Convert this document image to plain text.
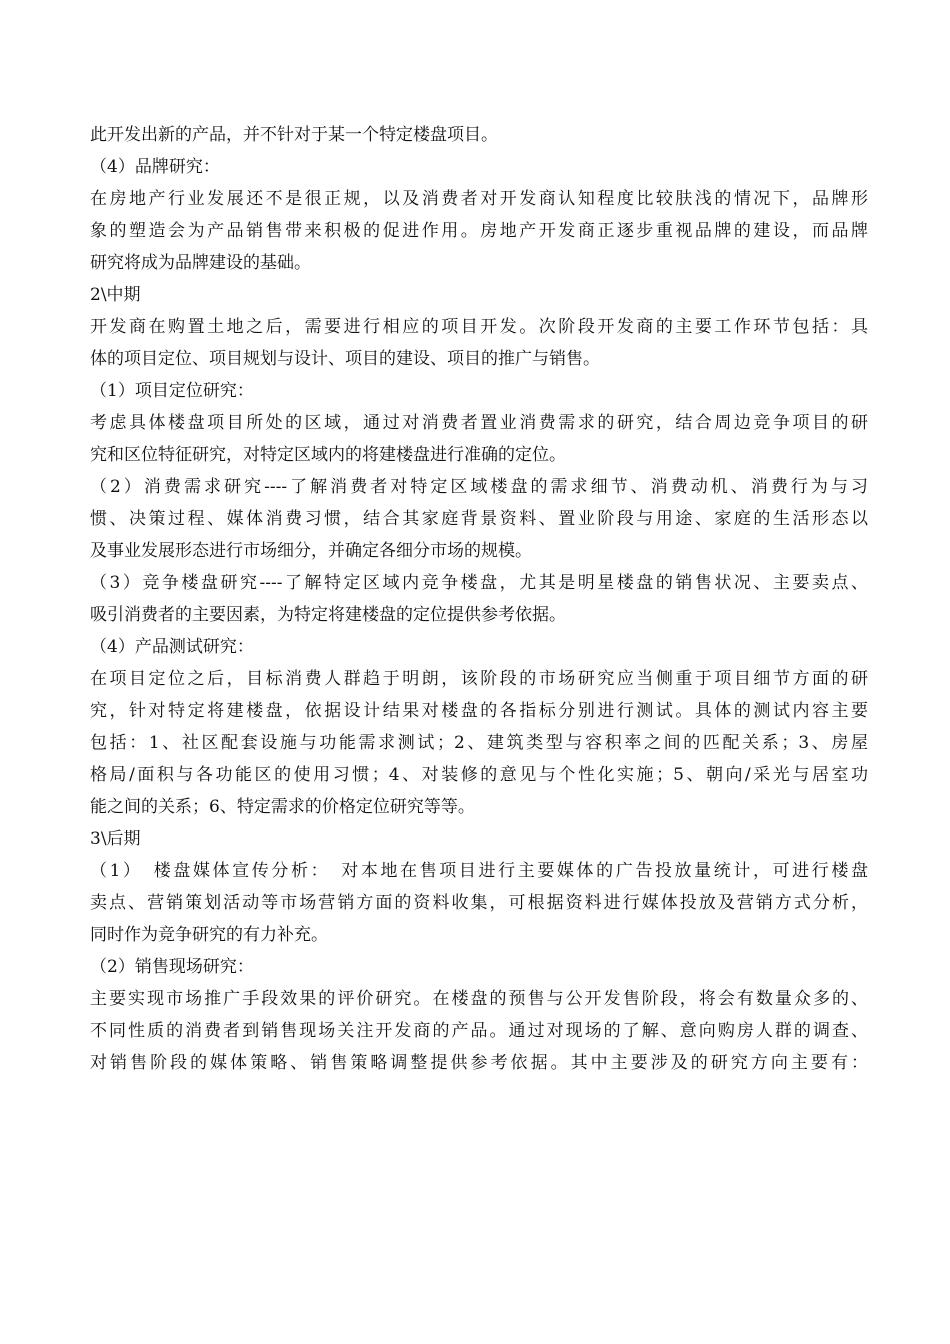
此开发出新的产品，并不针对于某一个特定楼盘项目。
（4）品牌研究：
在房地产行业发展还不是很正规，以及消费者对开发商认知程度比较肤浅的情况下，品牌形
象的塑造会为产品销售带来积极的促进作用。房地产开发商正逐步重视品牌的建设，而品牌
研究将成为品牌建设的基础。
2\中期
开发商在购置土地之后，需要进行相应的项目开发。次阶段开发商的主要工作环节包括：具
体的项目定位、项目规划与设计、项目的建设、项目的推广与销售。
（1）项目定位研究：
考虑具体楼盘项目所处的区域，通过对消费者置业消费需求的研究，结合周边竞争项目的研
究和区位特征研究，对特定区域内的将建楼盘进行准确的定位。
（2）消费需求研究----了解消费者对特定区域楼盘的需求细节、消费动机、消费行为与习
惯、决策过程、媒体消费习惯，结合其家庭背景资料、置业阶段与用途、家庭的生活形态以
及事业发展形态进行市场细分，并确定各细分市场的规模。
（3）竞争楼盘研究----了解特定区域内竞争楼盘，尤其是明星楼盘的销售状况、主要卖点、
吸引消费者的主要因素，为特定将建楼盘的定位提供参考依据。
（4）产品测试研究：
在项目定位之后，目标消费人群趋于明朗，该阶段的市场研究应当侧重于项目细节方面的研
究，针对特定将建楼盘，依据设计结果对楼盘的各指标分别进行测试。具体的测试内容主要
包括：1、社区配套设施与功能需求测试；2、建筑类型与容积率之间的匹配关系；3、房屋
格局/面积与各功能区的使用习惯；4、对装修的意见与个性化实施；5、朝向/采光与居室功
能之间的关系；6、特定需求的价格定位研究等等。
3\后期
（1）　楼盘媒体宣传分析：　对本地在售项目进行主要媒体的广告投放量统计，可进行楼盘
卖点、营销策划活动等市场营销方面的资料收集，可根据资料进行媒体投放及营销方式分析，
同时作为竞争研究的有力补充。
（2）销售现场研究：
主要实现市场推广手段效果的评价研究。在楼盘的预售与公开发售阶段，将会有数量众多的、
不同性质的消费者到销售现场关注开发商的产品。通过对现场的了解、意向购房人群的调查、
对销售阶段的媒体策略、销售策略调整提供参考依据。其中主要涉及的研究方向主要有：
